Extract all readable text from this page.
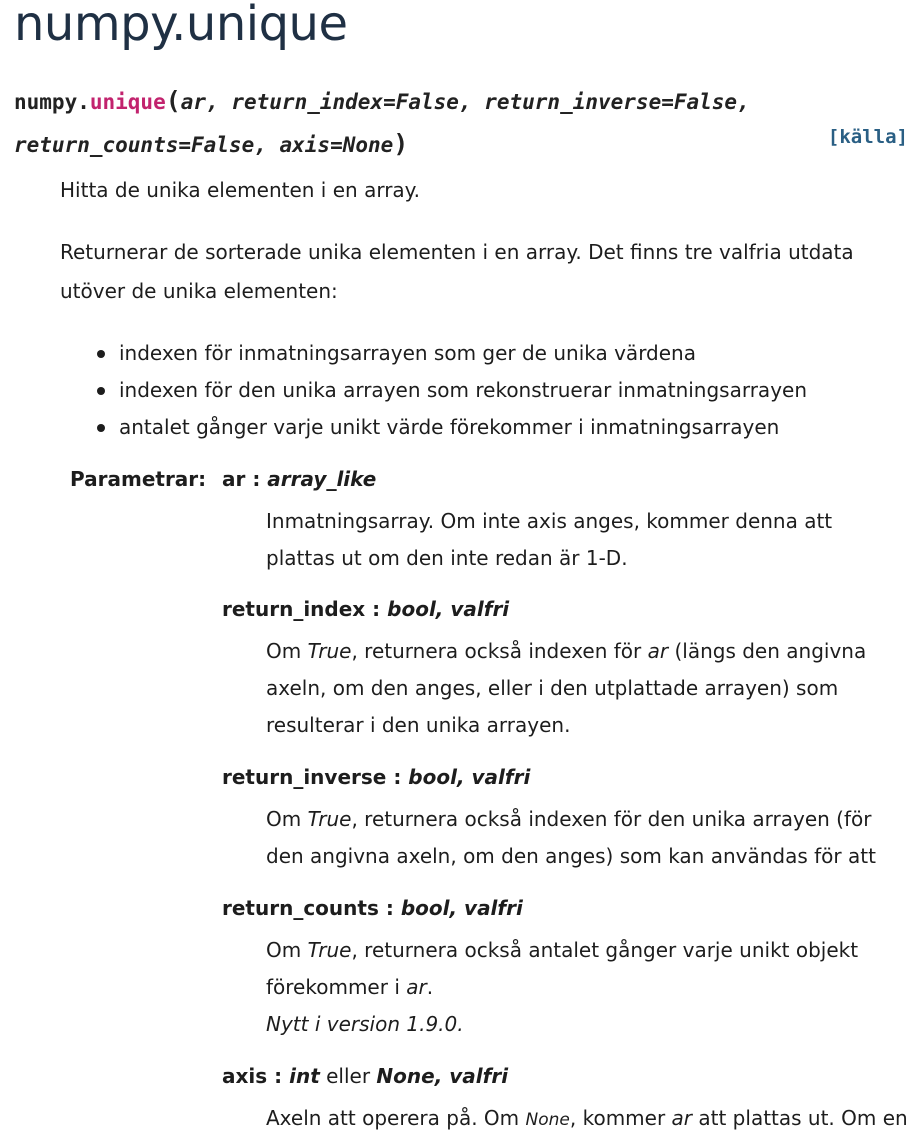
numpy.unique
numpy.unique(ar, return_index=False, return_inverse=False,
return_counts=False, axis=None)	[källa]
Hitta de unika elementen i en array.
Returnerar de sorterade unika elementen i en array. Det finns tre valfria utdata
utöver de unika elementen:
indexen för inmatningsarrayen som ger de unika värdena
indexen för den unika arrayen som rekonstruerar inmatningsarrayen
antalet gånger varje unikt värde förekommer i inmatningsarrayen
Parametrar: ar : array_like
Inmatningsarray. Om inte axis anges, kommer denna att
plattas ut om den inte redan är 1-D.
return_index : bool, valfri
Om True, returnera också indexen för ar (längs den angivna
axeln, om den anges, eller i den utplattade arrayen) som
resulterar i den unika arrayen.
return_inverse : bool, valfri
Om True, returnera också indexen för den unika arrayen (för
den angivna axeln, om den anges) som kan användas för att
return_counts : bool, valfri
Om True, returnera också antalet gånger varje unikt objekt
förekommer i ar.
Nytt i version 1.9.0.
axis : int eller None, valfri
Axeln att operera på. Om None, kommer ar att plattas ut. Om en
